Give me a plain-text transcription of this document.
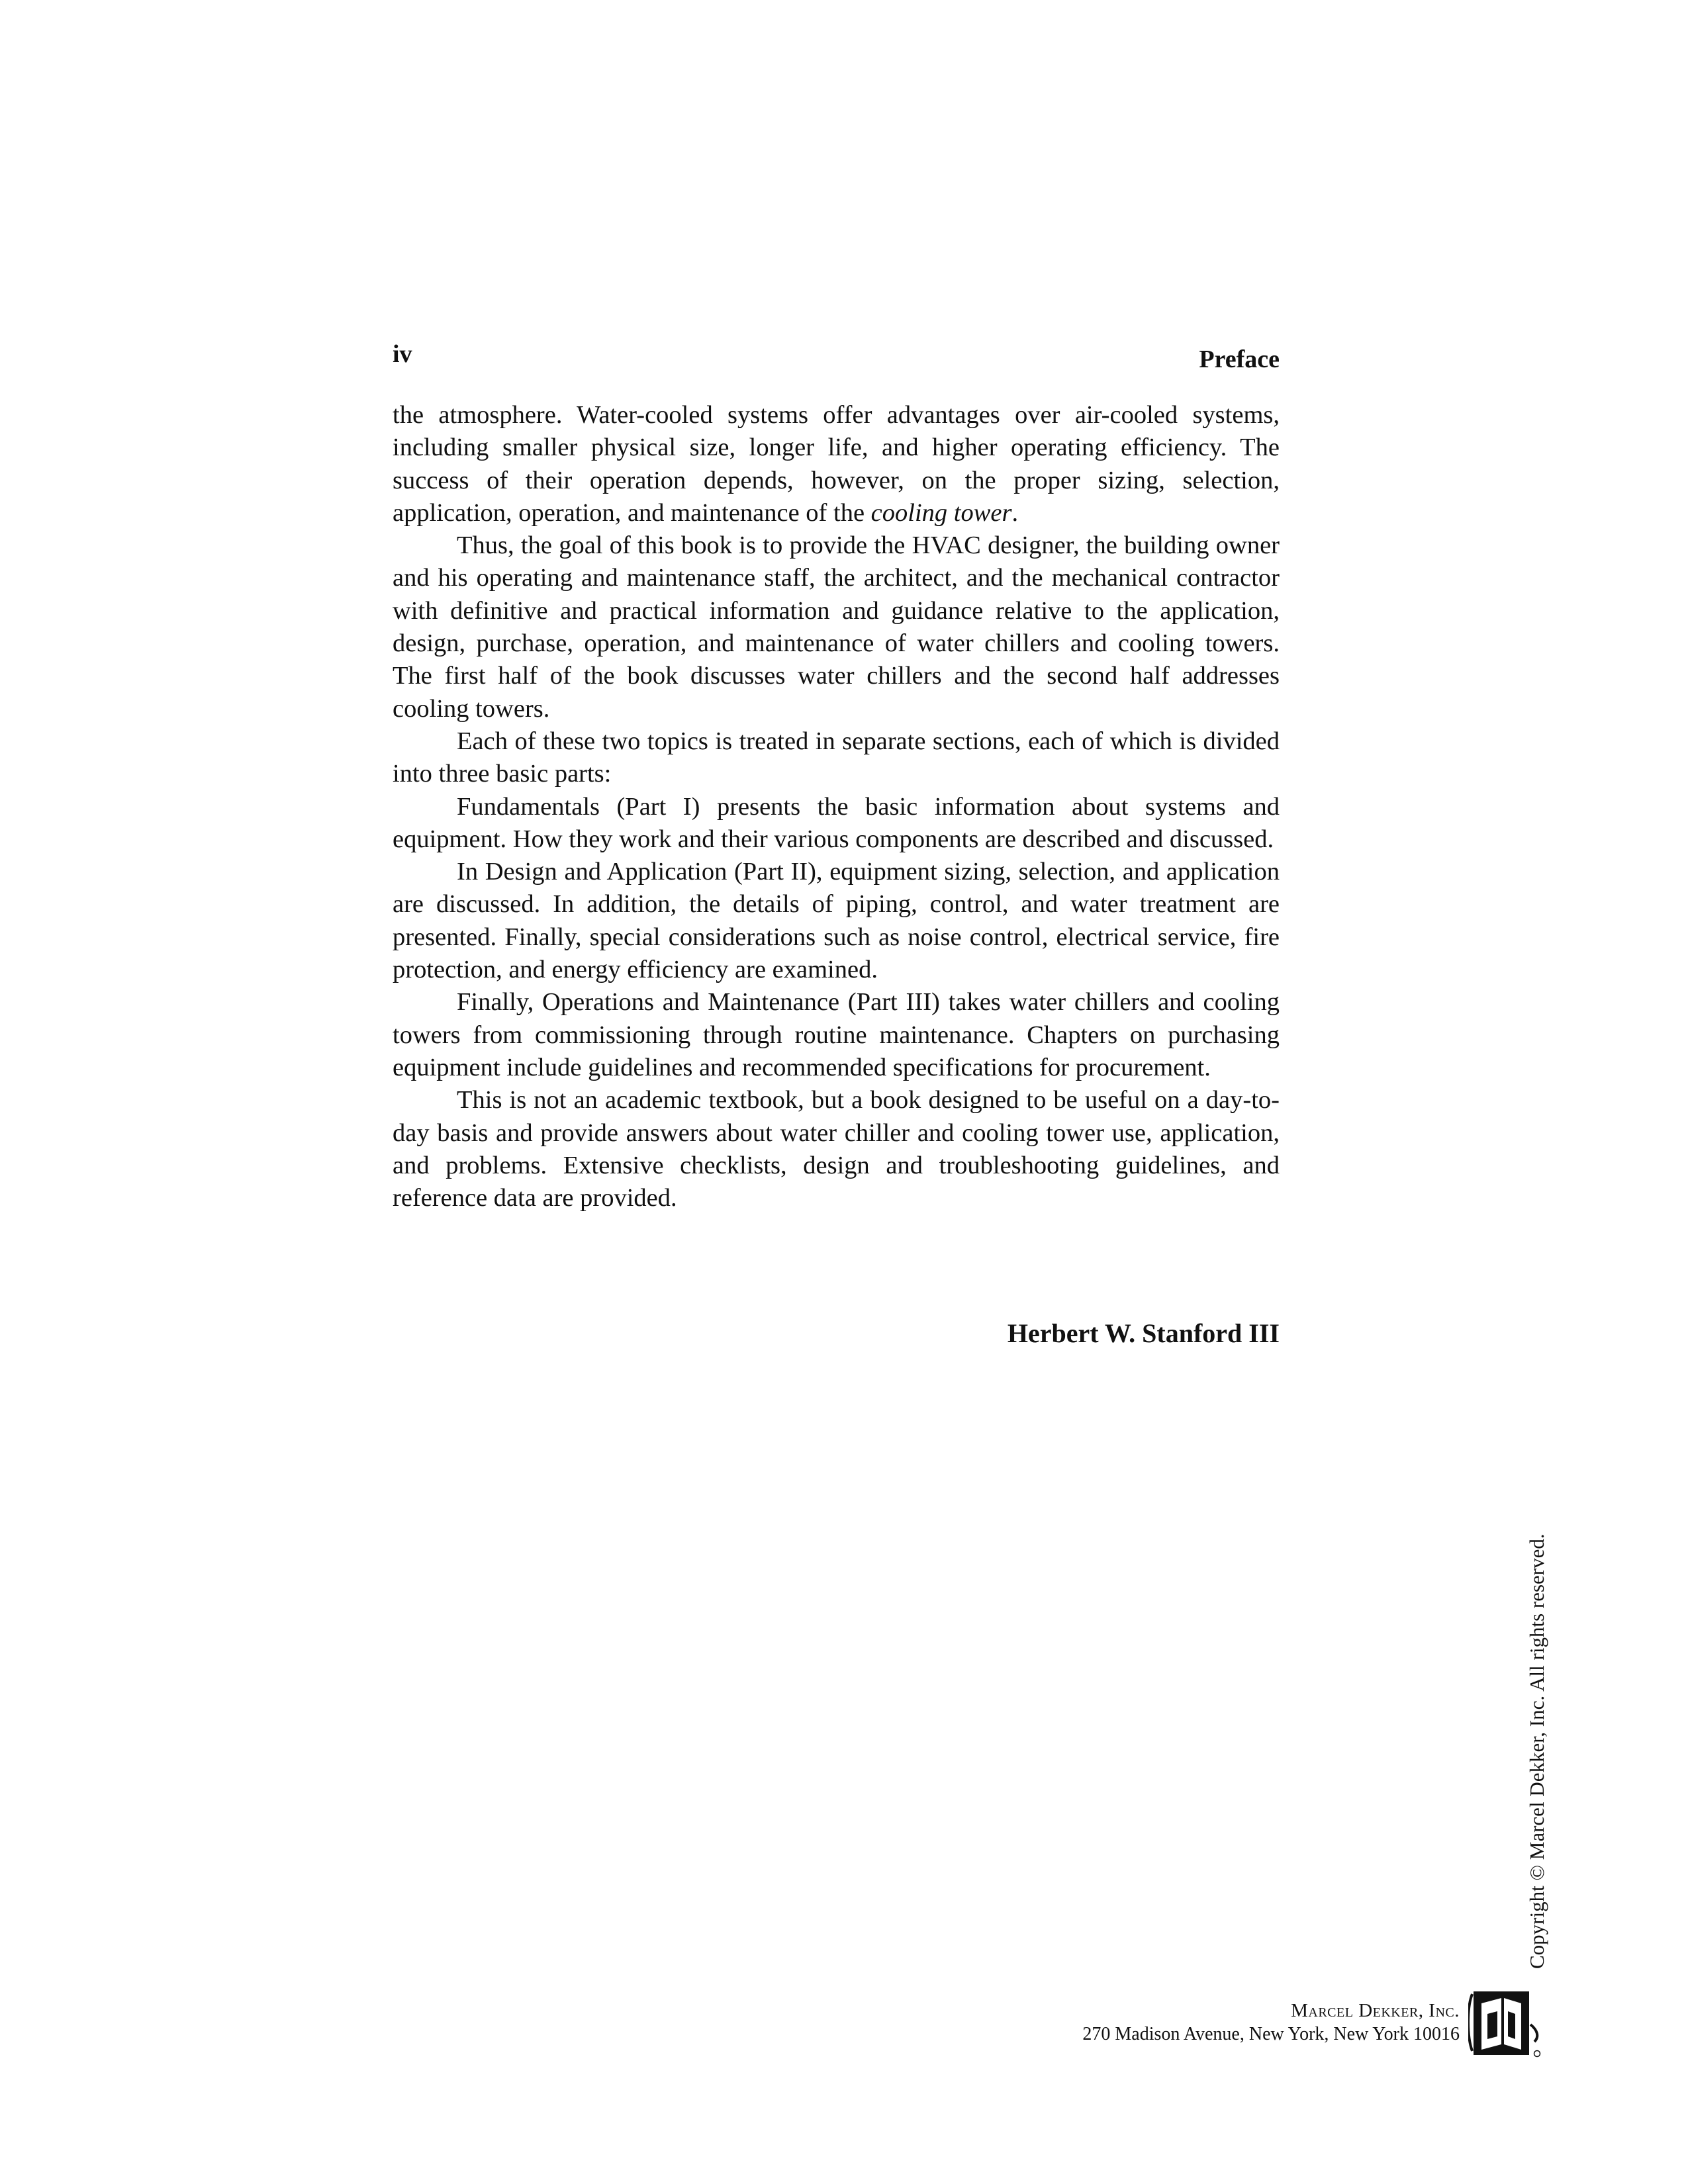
iv	Preface

the atmosphere. Water-cooled systems offer advantages over air-cooled systems, including smaller physical size, longer life, and higher operating efficiency. The success of their operation depends, however, on the proper sizing, selection, application, operation, and maintenance of the cooling tower.

Thus, the goal of this book is to provide the HVAC designer, the building owner and his operating and maintenance staff, the architect, and the mechanical contractor with definitive and practical information and guidance relative to the application, design, purchase, operation, and maintenance of water chillers and cooling towers. The first half of the book discusses water chillers and the second half addresses cooling towers.

Each of these two topics is treated in separate sections, each of which is divided into three basic parts:

Fundamentals (Part I) presents the basic information about systems and equipment. How they work and their various components are described and discussed.

In Design and Application (Part II), equipment sizing, selection, and application are discussed. In addition, the details of piping, control, and water treatment are presented. Finally, special considerations such as noise control, electrical service, fire protection, and energy efficiency are examined.

Finally, Operations and Maintenance (Part III) takes water chillers and cooling towers from commissioning through routine maintenance. Chapters on purchasing equipment include guidelines and recommended specifications for procurement.

This is not an academic textbook, but a book designed to be useful on a day-to-day basis and provide answers about water chiller and cooling tower use, application, and problems. Extensive checklists, design and troubleshooting guidelines, and reference data are provided.

Herbert W. Stanford III
Copyright © Marcel Dekker, Inc. All rights reserved.
Marcel Dekker, Inc.
270 Madison Avenue, New York, New York 10016
